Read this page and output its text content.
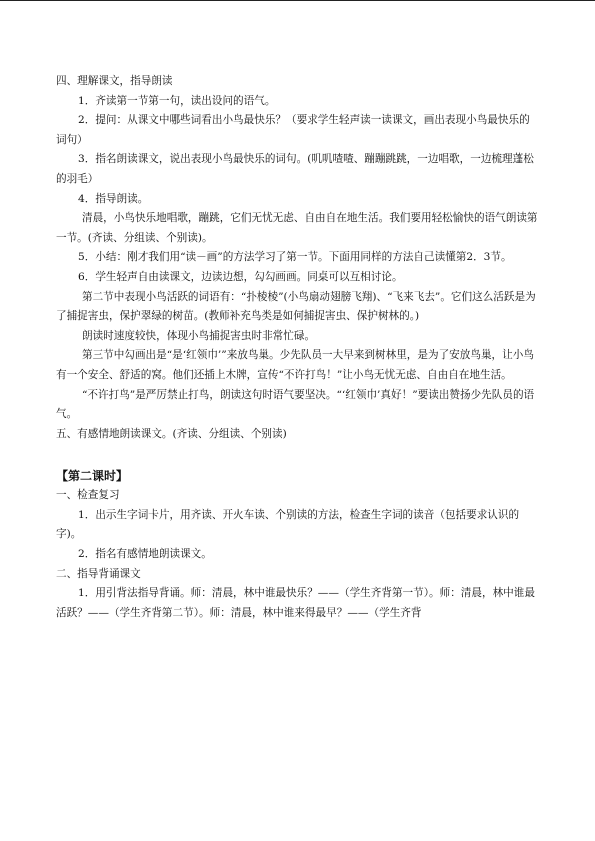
四、理解课文，指导朗读

1．齐读第一节第一句，读出设问的语气。

2．提问：从课文中哪些词看出小鸟最快乐？（要求学生轻声读一读课文，画出表现小鸟最快乐的词句）

3．指名朗读课文，说出表现小鸟最快乐的词句。(叽叽喳喳、蹦蹦跳跳，一边唱歌，一边梳理蓬松的羽毛）

4．指导朗读。

清晨，小鸟快乐地唱歌，蹦跳，它们无忧无虑、自由自在地生活。我们要用轻松愉快的语气朗读第一节。(齐读、分组读、个别读)。

5．小结：刚才我们用“读－画”的方法学习了第一节。下面用同样的方法自己读懂第2．3节。

6．学生轻声自由读课文，边读边想，勾勾画画。同桌可以互相讨论。

第二节中表现小鸟活跃的词语有：“扑棱棱”(小鸟扇动翅膀飞翔)、“飞来飞去”。它们这么活跃是为了捕捉害虫，保护翠绿的树苗。(教师补充鸟类是如何捕捉害虫、保护树林的。)

朗读时速度较快，体现小鸟捕捉害虫时非常忙碌。

第三节中勾画出是“是‘红领巾’”来放鸟巢。少先队员一大早来到树林里，是为了安放鸟巢，让小鸟有一个安全、舒适的窝。他们还插上木牌，宣传“不许打鸟！”让小鸟无忧无虑、自由自在地生活。

“不许打鸟”是严厉禁止打鸟，朗读这句时语气要坚决。“‘红领巾’真好！”要读出赞扬少先队员的语气。

五、有感情地朗读课文。(齐读、分组读、个别读)

【第二课时】

一、检查复习

1．出示生字词卡片，用齐读、开火车读、个别读的方法，检查生字词的读音（包括要求认识的字)。

2．指名有感情地朗读课文。

二、指导背诵课文

1．用引背法指导背诵。师：清晨，林中谁最快乐？——（学生齐背第一节）。师：清晨，林中谁最活跃？——（学生齐背第二节）。师：清晨，林中谁来得最早？——（学生齐背
